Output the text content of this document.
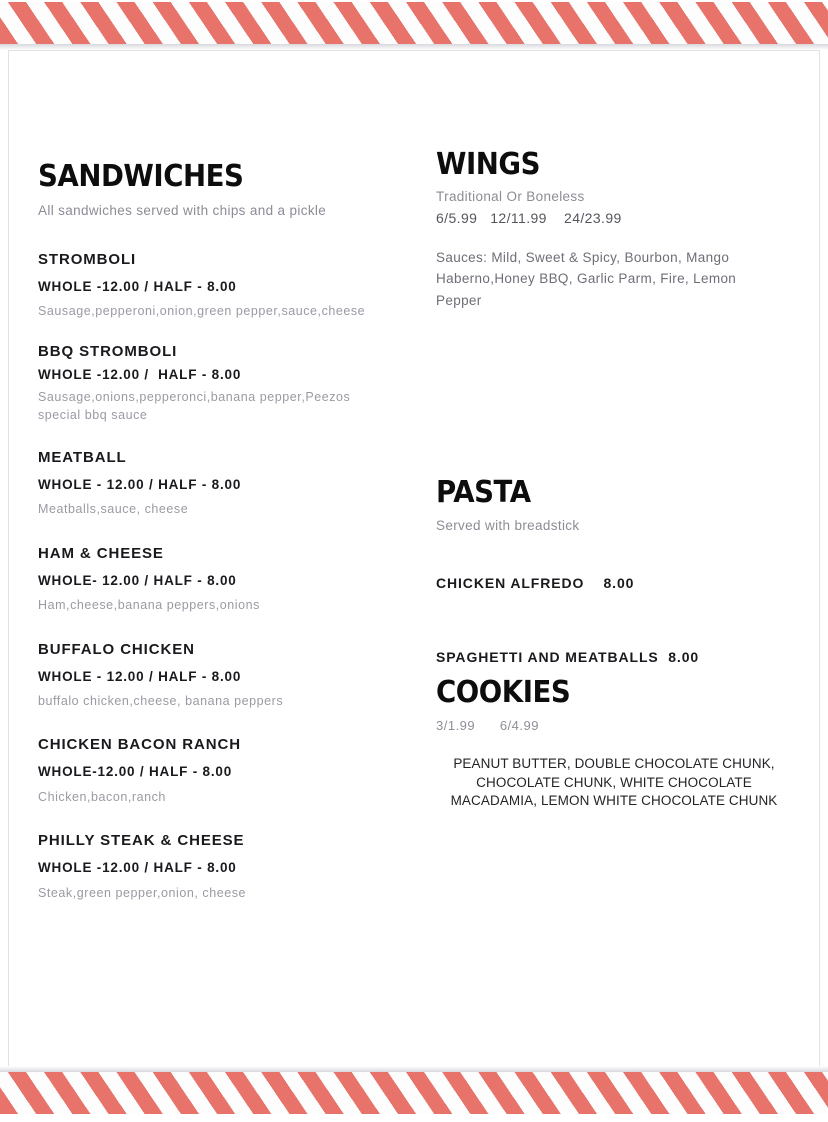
SANDWICHES
All sandwiches served with chips and a pickle
STROMBOLI
WHOLE -12.00 / HALF - 8.00
Sausage,pepperoni,onion,green pepper,sauce,cheese
BBQ STROMBOLI
WHOLE -12.00 /  HALF - 8.00
Sausage,onions,pepperonci,banana pepper,Peezos special bbq sauce
MEATBALL
WHOLE - 12.00 / HALF - 8.00
Meatballs,sauce, cheese
HAM & CHEESE
WHOLE- 12.00 / HALF - 8.00
Ham,cheese,banana peppers,onions
BUFFALO CHICKEN
WHOLE - 12.00 / HALF - 8.00
buffalo chicken,cheese, banana peppers
CHICKEN BACON RANCH
WHOLE-12.00 / HALF - 8.00
Chicken,bacon,ranch
PHILLY STEAK & CHEESE
WHOLE -12.00 / HALF - 8.00
Steak,green pepper,onion, cheese
WINGS
Traditional Or Boneless
6/5.99   12/11.99    24/23.99
Sauces: Mild, Sweet & Spicy, Bourbon, Mango Haberno,Honey BBQ, Garlic Parm, Fire, Lemon Pepper
PASTA
Served with breadstick
CHICKEN ALFREDO    8.00
SPAGHETTI AND MEATBALLS  8.00
COOKIES
3/1.99      6/4.99
PEANUT BUTTER, DOUBLE CHOCOLATE CHUNK, CHOCOLATE CHUNK, WHITE CHOCOLATE MACADAMIA, LEMON WHITE CHOCOLATE CHUNK
